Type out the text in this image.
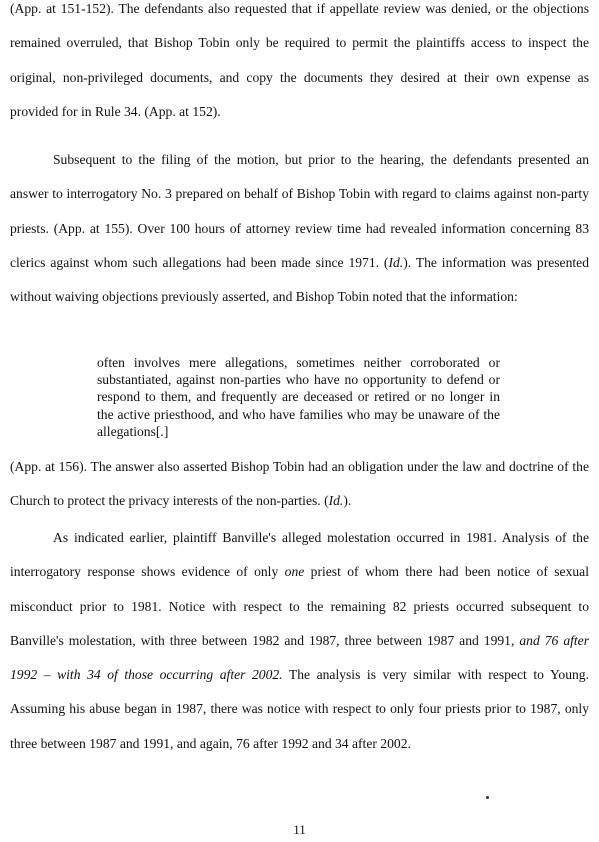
(App. at 151-152). The defendants also requested that if appellate review was denied, or the objections remained overruled, that Bishop Tobin only be required to permit the plaintiffs access to inspect the original, non-privileged documents, and copy the documents they desired at their own expense as provided for in Rule 34. (App. at 152).

Subsequent to the filing of the motion, but prior to the hearing, the defendants presented an answer to interrogatory No. 3 prepared on behalf of Bishop Tobin with regard to claims against non-party priests. (App. at 155). Over 100 hours of attorney review time had revealed information concerning 83 clerics against whom such allegations had been made since 1971. (Id.). The information was presented without waiving objections previously asserted, and Bishop Tobin noted that the information:

often involves mere allegations, sometimes neither corroborated or substantiated, against non-parties who have no opportunity to defend or respond to them, and frequently are deceased or retired or no longer in the active priesthood, and who have families who may be unaware of the allegations[.]

(App. at 156). The answer also asserted Bishop Tobin had an obligation under the law and doctrine of the Church to protect the privacy interests of the non-parties. (Id.).

As indicated earlier, plaintiff Banville's alleged molestation occurred in 1981. Analysis of the interrogatory response shows evidence of only one priest of whom there had been notice of sexual misconduct prior to 1981. Notice with respect to the remaining 82 priests occurred subsequent to Banville's molestation, with three between 1982 and 1987, three between 1987 and 1991, and 76 after 1992 – with 34 of those occurring after 2002. The analysis is very similar with respect to Young. Assuming his abuse began in 1987, there was notice with respect to only four priests prior to 1987, only three between 1987 and 1991, and again, 76 after 1992 and 34 after 2002.

11
